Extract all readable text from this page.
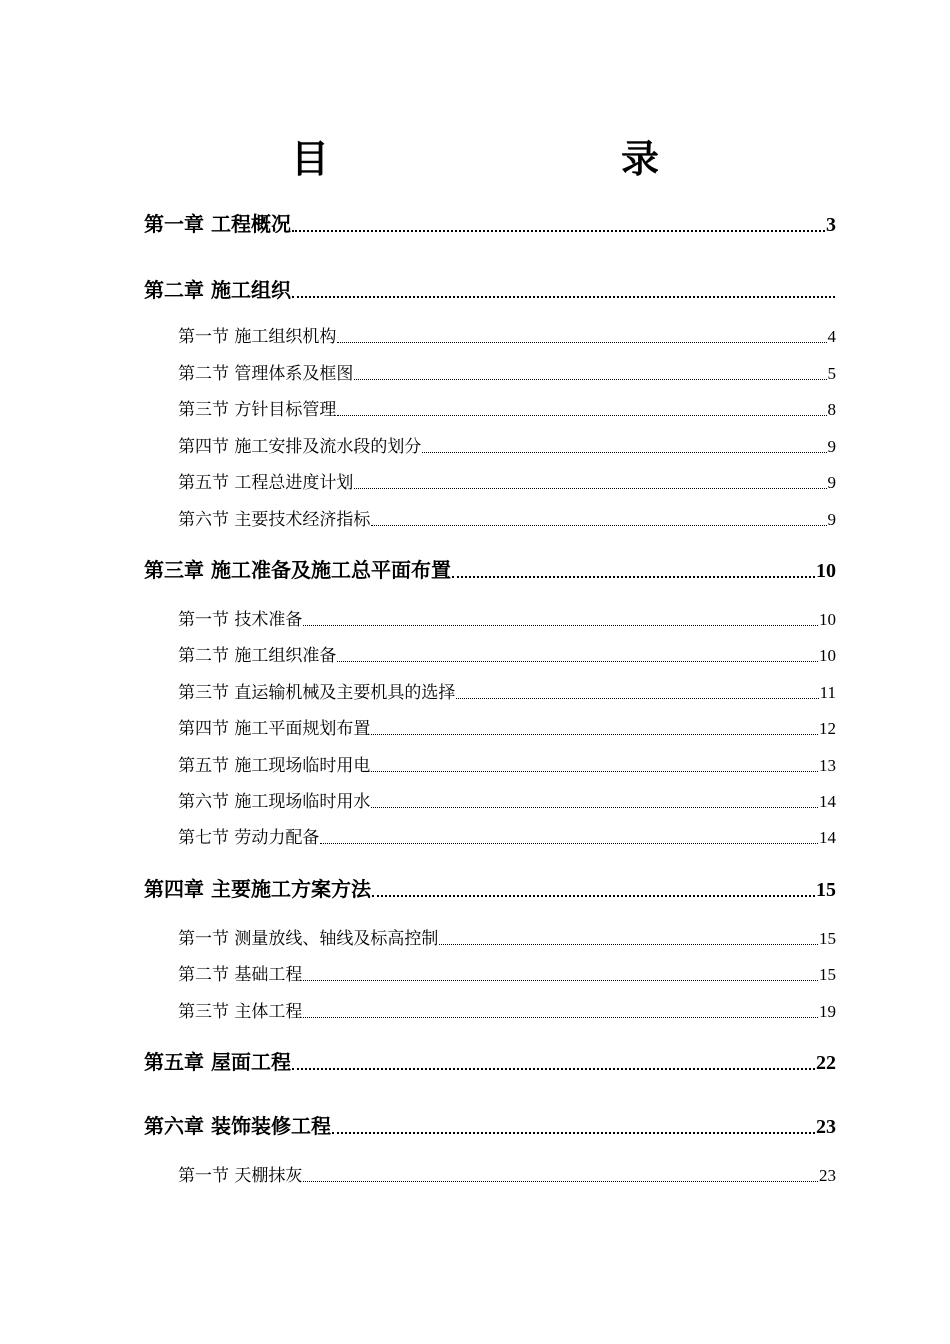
目　　录
第一章 工程概况	3
第二章 施工组织
第一节 施工组织机构	4
第二节 管理体系及框图	5
第三节 方针目标管理	8
第四节 施工安排及流水段的划分	9
第五节 工程总进度计划	9
第六节 主要技术经济指标	9
第三章 施工准备及施工总平面布置	10
第一节 技术准备	10
第二节 施工组织准备	10
第三节 直运输机械及主要机具的选择	11
第四节 施工平面规划布置	12
第五节 施工现场临时用电	13
第六节 施工现场临时用水	14
第七节 劳动力配备	14
第四章 主要施工方案方法	15
第一节 测量放线、轴线及标高控制	15
第二节 基础工程	15
第三节 主体工程	19
第五章 屋面工程	22
第六章 装饰装修工程	23
第一节 天棚抹灰	23
